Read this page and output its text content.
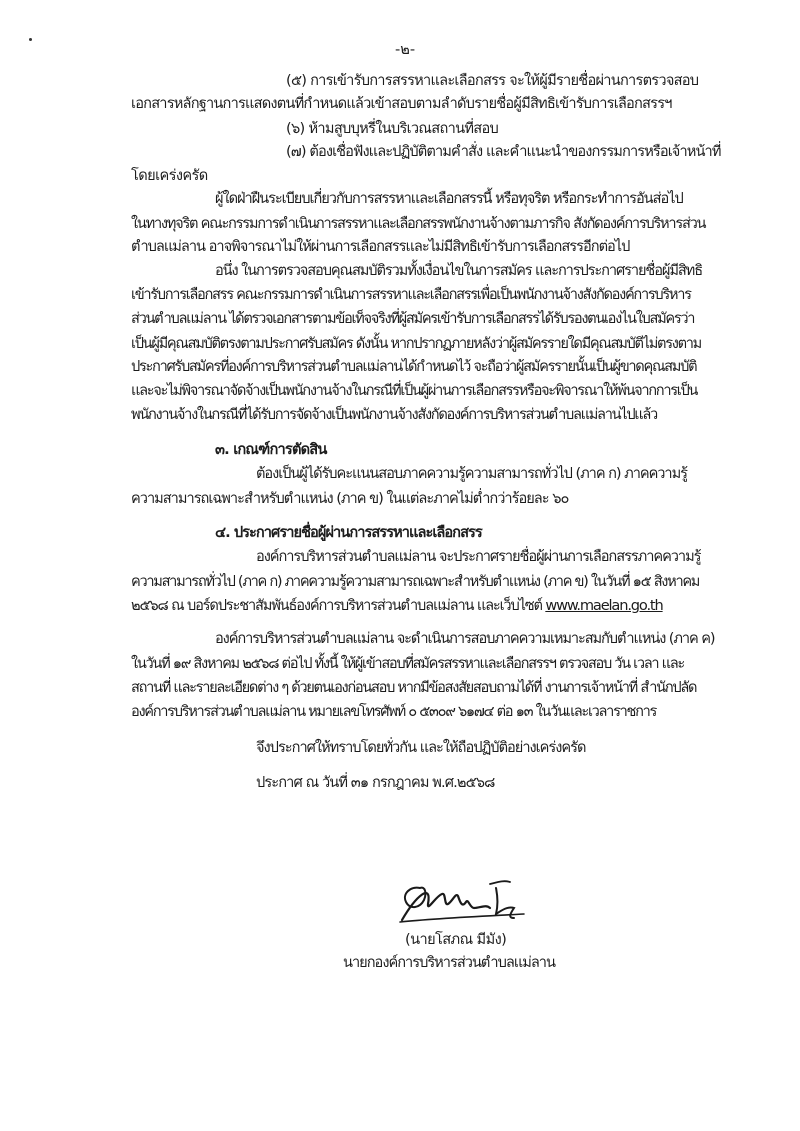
-๒-
(๕) การเข้ารับการสรรหาและเลือกสรร จะให้ผู้มีรายชื่อผ่านการตรวจสอบ
เอกสารหลักฐานการแสดงตนที่กำหนดแล้วเข้าสอบตามลำดับรายชื่อผู้มีสิทธิเข้ารับการเลือกสรรฯ
(๖) ห้ามสูบบุหรี่ในบริเวณสถานที่สอบ
(๗) ต้องเชื่อฟังและปฏิบัติตามคำสั่ง และคำแนะนำของกรรมการหรือเจ้าหน้าที่
โดยเคร่งครัด
ผู้ใดฝ่าฝืนระเบียบเกี่ยวกับการสรรหาและเลือกสรรนี้ หรือทุจริต หรือกระทำการอันส่อไป
ในทางทุจริต คณะกรรมการดำเนินการสรรหาและเลือกสรรพนักงานจ้างตามภารกิจ สังกัดองค์การบริหารส่วน
ตำบลแม่ลาน อาจพิจารณาไม่ให้ผ่านการเลือกสรรและไม่มีสิทธิเข้ารับการเลือกสรรอีกต่อไป
อนึ่ง ในการตรวจสอบคุณสมบัติรวมทั้งเงื่อนไขในการสมัคร และการประกาศรายชื่อผู้มีสิทธิ
เข้ารับการเลือกสรร คณะกรรมการดำเนินการสรรหาและเลือกสรรเพื่อเป็นพนักงานจ้างสังกัดองค์การบริหาร
ส่วนตำบลแม่ลาน ได้ตรวจเอกสารตามข้อเท็จจริงที่ผู้สมัครเข้ารับการเลือกสรรได้รับรองตนเองไนใบสมัครว่า
เป็นผู้มีคุณสมบัติตรงตามประกาศรับสมัคร ดังนั้น หากปรากฏภายหลังว่าผู้สมัครรายใดมีคุณสมบัติไม่ตรงตาม
ประกาศรับสมัครที่องค์การบริหารส่วนตำบลแม่ลานได้กำหนดไว้ จะถือว่าผู้สมัครรายนั้นเป็นผู้ขาดคุณสมบัติ
และจะไม่พิจารณาจัดจ้างเป็นพนักงานจ้างในกรณีที่เป็นผู้ผ่านการเลือกสรรหรือจะพิจารณาให้พ้นจากการเป็น
พนักงานจ้างในกรณีที่ได้รับการจัดจ้างเป็นพนักงานจ้างสังกัดองค์การบริหารส่วนตำบลแม่ลานไปแล้ว
๓. เกณฑ์การตัดสิน
ต้องเป็นผู้ได้รับคะแนนสอบภาคความรู้ความสามารถทั่วไป (ภาค ก) ภาคความรู้
ความสามารถเฉพาะสำหรับตำแหน่ง (ภาค ข) ในแต่ละภาคไม่ต่ำกว่าร้อยละ ๖๐
๔. ประกาศรายชื่อผู้ผ่านการสรรหาและเลือกสรร
องค์การบริหารส่วนตำบลแม่ลาน จะประกาศรายชื่อผู้ผ่านการเลือกสรรภาคความรู้
ความสามารถทั่วไป (ภาค ก) ภาคความรู้ความสามารถเฉพาะสำหรับตำแหน่ง (ภาค ข) ในวันที่ ๑๕ สิงหาคม
๒๕๖๘ ณ บอร์ดประชาสัมพันธ์องค์การบริหารส่วนตำบลแม่ลาน และเว็บไซต์ www.maelan.go.th
องค์การบริหารส่วนตำบลแม่ลาน จะดำเนินการสอบภาคความเหมาะสมกับตำแหน่ง (ภาค ค)
ในวันที่ ๑๙ สิงหาคม ๒๕๖๘ ต่อไป ทั้งนี้ ให้ผู้เข้าสอบที่สมัครสรรหาและเลือกสรรฯ ตรวจสอบ วัน เวลา และ
สถานที่ และรายละเอียดต่าง ๆ ด้วยตนเองก่อนสอบ หากมีข้อสงสัยสอบถามได้ที่ งานการเจ้าหน้าที่ สำนักปลัด
องค์การบริหารส่วนตำบลแม่ลาน หมายเลขโทรศัพท์ ๐ ๕๓๐๙ ๖๑๗๔ ต่อ ๑๓ ในวันและเวลาราชการ
จึงประกาศให้ทราบโดยทั่วกัน และให้ถือปฏิบัติอย่างเคร่งครัด
ประกาศ ณ วันที่ ๓๑ กรกฎาคม พ.ศ.๒๕๖๘
(นายโสภณ มีมัง)
นายกองค์การบริหารส่วนตำบลแม่ลาน
